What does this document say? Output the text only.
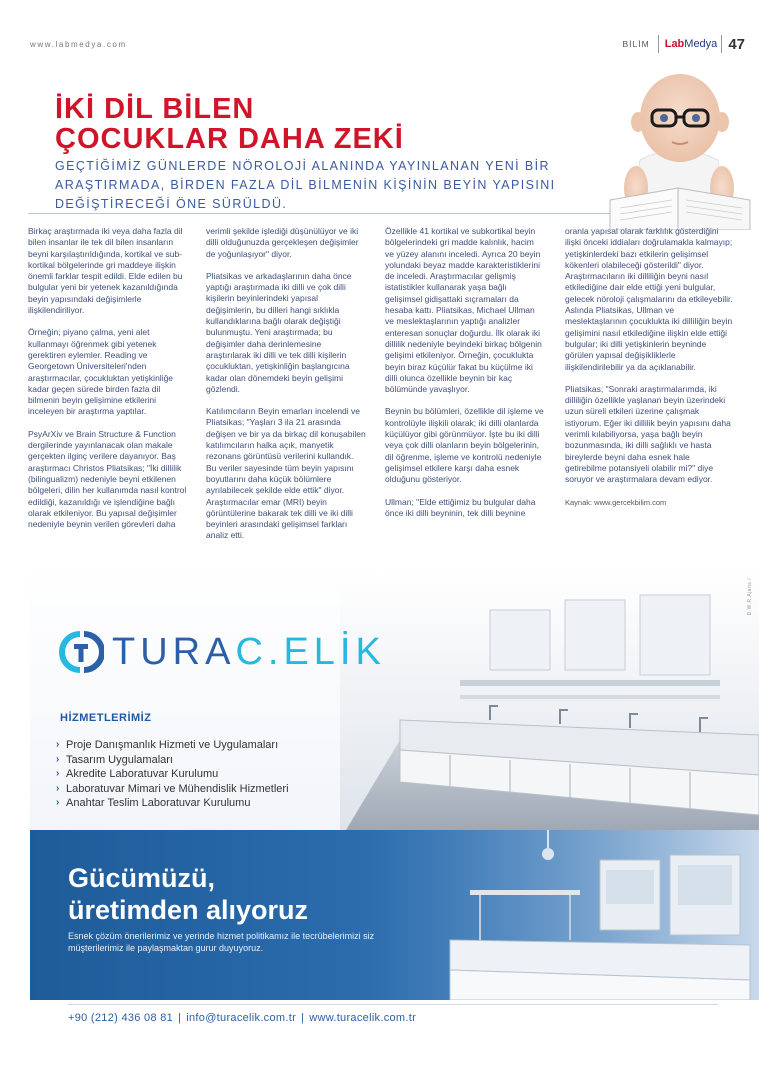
www.labmedya.com	BİLİM LabMedya 47
İKİ DİL BİLEN
ÇOCUKLAR DAHA ZEKİ
GEÇTİĞİMİZ GÜNLERDE NÖROLOJİ ALANINDA YAYINLANAN YENİ BİR ARAŞTIRMADA, BİRDEN FAZLA DİL BİLMENİN KİŞİNİN BEYİN YAPISINI DEĞİŞTİRECEĞİ ÖNE SÜRÜLDÜ.

Birkaç araştırmada iki veya daha fazla dil bilen insanlar ile tek dil bilen insanların beyni karşılaştırıldığında, kortikal ve sub-kortikal bölgelerinde gri maddeye ilişkin önemli farklar tespit edildi. Elde edilen bu bulgular yeni bir yetenek kazanıldığında beyin yapısındaki değişimlerle ilişkilendiriliyor.

Örneğin; piyano çalma, yeni alet kullanmayı öğrenmek gibi yetenek gerektiren eylemler. Reading ve Georgetown Üniversiteleri'nden araştırmacılar, çocukluktan yetişkinliğe kadar geçen sürede birden fazla dil bilmenin beyin gelişimine etkilerini inceleyen bir araştırma yaptılar.

PsyArXiv ve Brain Structure & Function dergilerinde yayınlanacak olan makale gerçekten ilginç verilere dayanıyor. Baş araştırmacı Christos Pliatsikas; "İki dillilik (bilingualizm) nedeniyle beyni etkilenen bölgeleri, dilin her kullanımda nasıl kontrol edildiği, kazanıldığı ve işlendiğine bağlı olarak etkileniyor. Bu yapısal değişimler nedeniyle beynin verilen görevleri daha

verimli şekilde işlediği düşünülüyor ve iki dilli olduğunuzda gerçekleşen değişimler de yoğunlaşıyor" diyor.

Pliatsikas ve arkadaşlarının daha önce yaptığı araştırmada iki dilli ve çok dilli kişilerin beyinlerindeki yapısal değişimlerin, bu dilleri hangi sıklıkla kullandıklarına bağlı olarak değiştiği bulunmuştu. Yeni araştırmada; bu değişimler daha derinlemesine araştırılarak iki dilli ve tek dilli kişilerin çocukluktan, yetişkinliğin başlangıcına kadar olan dönemdeki beyin gelişimi gözlendi.

Katılımcıların Beyin emarları incelendi ve Pliatsikas; "Yaşları 3 ila 21 arasında değişen ve bir ya da birkaç dil konuşabilen katılımcıların halka açık, manyetik rezonans görüntüsü verilerini kullandık. Bu veriler sayesinde tüm beyin yapısını boyutlarını daha küçük bölümlere ayrılabilecek şekilde elde ettik" diyor. Araştırmacılar emar (MRI) beyin görüntülerine bakarak tek dilli ve iki dilli beyinleri arasındaki gelişimsel farkları analiz etti.

Özellikle 41 kortikal ve subkortikal beyin bölgelerindeki gri madde kalınlık, hacim ve yüzey alanını inceledi. Ayrıca 20 beyin yolundaki beyaz madde karakteristiklerini de inceledi. Araştırmacılar gelişmiş istatistikler kullanarak yaşa bağlı gelişimsel gidişattaki sıçramaları da hesaba kattı. Pliatsikas, Michael Ullman ve meslektaşlarının yaptığı analizler enteresan sonuçlar doğurdu. İlk olarak iki dillilik nedeniyle beyindeki birkaç bölgenin gelişimi etkileniyor. Örneğin, çocuklukta beyin biraz küçülür fakat bu küçülme iki dilli olunca özellikle beynin bir kaç bölümünde yavaşlıyor.

Beynin bu bölümleri, özellikle dil işleme ve kontrolüyle ilişkili olarak; iki dilli olanlarda küçülüyor gibi görünmüyor. İşte bu iki dilli veya çok dilli olanların beyin bölgelerinin, dil öğrenme, işleme ve kontrolü nedeniyle gelişimsel etkilere karşı daha esnek olduğunu gösteriyor.

Ullman; "Elde ettiğimiz bu bulgular daha önce iki dilli beyninin, tek dilli beynine

oranla yapısal olarak farklılık gösterdiğini ilişki önceki iddiaları doğrulamakla kalmayıp; yetişkinlerdeki bazı etkilerin gelişimsel kökenleri olabileceği gösterildi" diyor. Araştırmacıların iki dilliliğin beyni nasıl etkilediğine dair elde ettiği yeni bulgular, gelecek nöroloji çalışmalarını da etkileyebilir. Aslında Pliatsikas, Ullman ve meslektaşlarının çocuklukta iki dilliliğin beyin gelişimini nasıl etkilediğine ilişkin elde ettiği bulgular; iki dilli yetişkinlerin beyninde görülen yapısal değişikliklerle ilişkilendirilebilir ya da açıklanabilir.

Pliatsikas; "Sonraki araştırmalarımda, iki dilliliğin özellikle yaşlanan beyin üzerindeki uzun süreli etkileri üzerine çalışmak istiyorum. Eğer iki dillilik beyin yapısını daha verimli kılabiliyorsa, yaşa bağlı beyin bozunmasında, iki dilli sağlıklı ve hasta bireylerde beyni daha esnek hale getirebilme potansiyeli olabilir mi?" diye soruyor ve araştırmalara devam ediyor.

Kaynak: www.gercekbilim.com

TURAC.ELİK
HİZMETLERİMİZ
› Proje Danışmanlık Hizmeti ve Uygulamaları
› Tasarım Uygulamaları
› Akredite Laboratuvar Kurulumu
› Laboratuvar Mimari ve Mühendislik Hizmetleri
› Anahtar Teslim Laboratuvar Kurulumu
D.W.R Ajans /
Gücümüzü,
üretimden alıyoruz
Esnek çözüm önerilerimiz ve yerinde hizmet politikamız ile tecrübelerimizi siz müşterilerimiz ile paylaşmaktan gurur duyuyoruz.
+90 (212) 436 08 81 | info@turacelik.com.tr | www.turacelik.com.tr
